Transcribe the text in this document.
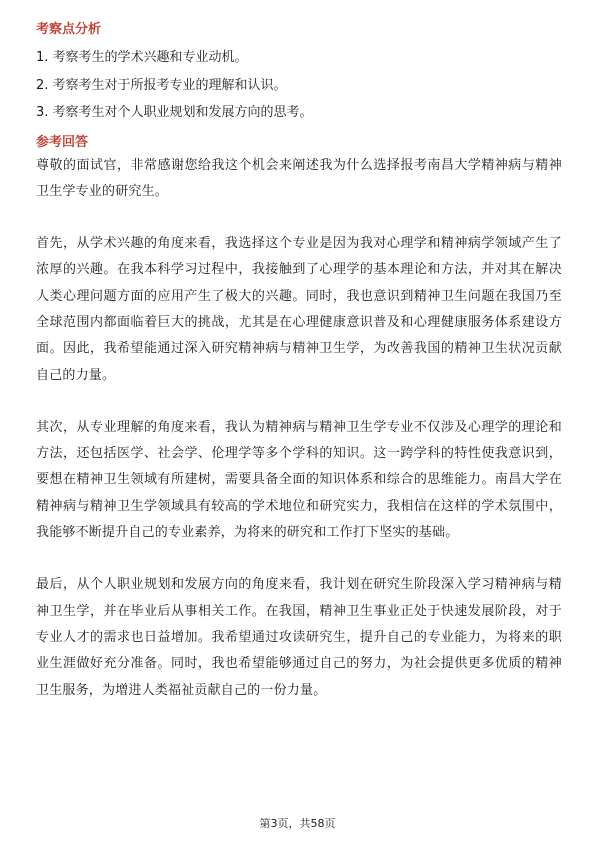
考察点分析

1. 考察考生的学术兴趣和专业动机。

2. 考察考生对于所报考专业的理解和认识。

3. 考察考生对个人职业规划和发展方向的思考。

参考回答

尊敬的面试官，非常感谢您给我这个机会来阐述我为什么选择报考南昌大学精神病与精神卫生学专业的研究生。

首先，从学术兴趣的角度来看，我选择这个专业是因为我对心理学和精神病学领域产生了浓厚的兴趣。在我本科学习过程中，我接触到了心理学的基本理论和方法，并对其在解决人类心理问题方面的应用产生了极大的兴趣。同时，我也意识到精神卫生问题在我国乃至全球范围内都面临着巨大的挑战，尤其是在心理健康意识普及和心理健康服务体系建设方面。因此，我希望能通过深入研究精神病与精神卫生学，为改善我国的精神卫生状况贡献自己的力量。

其次，从专业理解的角度来看，我认为精神病与精神卫生学专业不仅涉及心理学的理论和方法，还包括医学、社会学、伦理学等多个学科的知识。这一跨学科的特性使我意识到，要想在精神卫生领域有所建树，需要具备全面的知识体系和综合的思维能力。南昌大学在精神病与精神卫生学领域具有较高的学术地位和研究实力，我相信在这样的学术氛围中，我能够不断提升自己的专业素养，为将来的研究和工作打下坚实的基础。

最后，从个人职业规划和发展方向的角度来看，我计划在研究生阶段深入学习精神病与精神卫生学，并在毕业后从事相关工作。在我国，精神卫生事业正处于快速发展阶段，对于专业人才的需求也日益增加。我希望通过攻读研究生，提升自己的专业能力，为将来的职业生涯做好充分准备。同时，我也希望能够通过自己的努力，为社会提供更多优质的精神卫生服务，为增进人类福祉贡献自己的一份力量。

第3页，共58页
